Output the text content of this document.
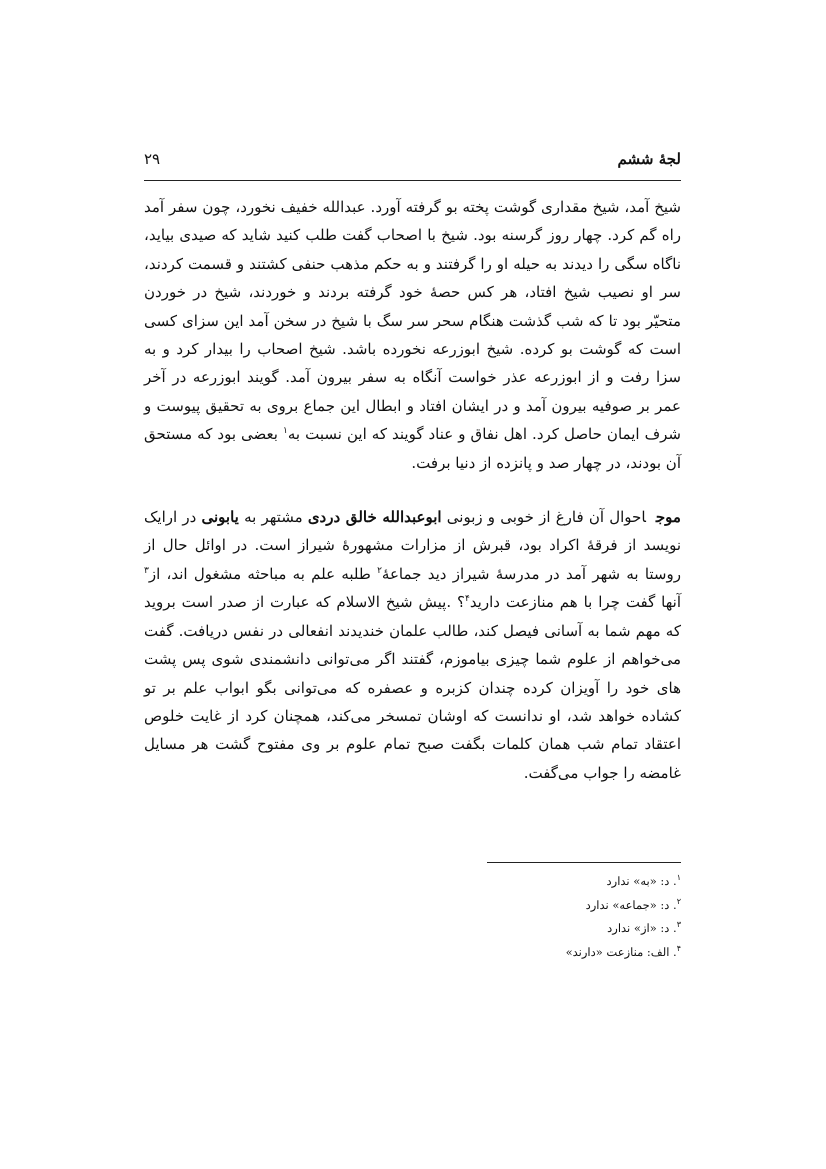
۲۹	لجهٔ ششم

شیخ آمد، شیخ مقداری گوشت پخته بو گرفته آورد. عبدالله خفیف نخورد، چون سفر آمد راه گم کرد. چهار روز گرسنه بود. شیخ با اصحاب گفت طلب کنید شاید که صیدی بیاید، ناگاه سگی را دیدند به حیله او را گرفتند و به حکم مذهب حنفی کشتند و قسمت کردند، سر او نصیب شیخ افتاد، هر کس حصهٔ خود گرفته بردند و خوردند، شیخ در خوردن متحیّر بود تا که شب گذشت هنگام سحر سر سگ با شیخ در سخن آمد این سزای کسی است که گوشت بو کرده. شیخ ابوزرعه نخورده باشد. شیخ اصحاب را بیدار کرد و به سزا رفت و از ابوزرعه عذر خواست آنگاه به سفر بیرون آمد. گویند ابوزرعه در آخر عمر بر صوفیه بیرون آمد و در ایشان افتاد و ابطال این جماع بروی به تحقیق پیوست و شرف ایمان حاصل کرد. اهل نفاق و عناد گویند که این نسبت به$^۱$ بعضی بود که مستحق آن بودند، در چهار صد و پانزده از دنیا برفت.

موجاحوال آن فارغ از خوبی و زبونی ابوعبدالله خالق دردی مشتهر به یابونی در ارایک نویسد از فرقهٔ اکراد بود، قبرش از مزارات مشهورهٔ شیراز است. در اوائل حال از روستا به شهر آمد در مدرسهٔ شیراز دید جماعهٔ$^۲$ طلبه علم به مباحثه مشغول اند، از$^۳$ آنها گفت چرا با هم منازعت دارید$^۴$؟ .پیش شیخ الاسلام که عبارت از صدر است بروید که مهم شما به آسانی فیصل کند، طالب علمان خندیدند انفعالی در نفس دریافت. گفت می‌خواهم از علوم شما چیزی بیاموزم، گفتند اگر می‌توانی دانشمندی شوی پس پشت های خود را آویزان کرده چندان کزبره و عصفره که می‌توانی بگو ابواب علم بر تو کشاده خواهد شد، او ندانست که اوشان تمسخر می‌کند، همچنان کرد از غایت خلوص اعتقاد تمام شب همان کلمات بگفت صبح تمام علوم بر وی مفتوح گشت هر مسایل غامضه را جواب می‌گفت.

$^۱$. د: «به» ندارد
$^۲$. د: «جماعه» ندارد
$^۳$. د: «از» ندارد
$^۴$. الف: منازعت «دارند»
